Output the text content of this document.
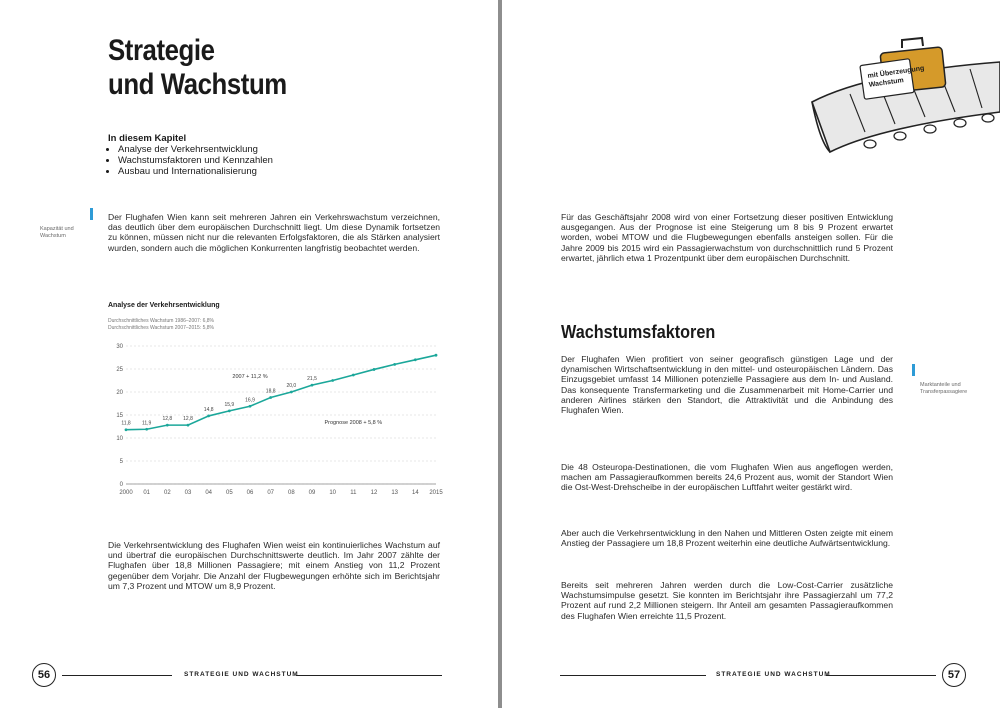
Strategie
und Wachstum
In diesem Kapitel
• Analyse der Verkehrsentwicklung
• Wachstumsfaktoren und Kennzahlen
• Ausbau und Internationalisierung
Kapazität und Wachstum
Der Flughafen Wien kann seit mehreren Jahren ein Verkehrswachstum verzeichnen, das deutlich über dem europäischen Durchschnitt liegt. Um diese Dynamik fortsetzen zu können, müssen nicht nur die relevanten Erfolgsfaktoren, die als Stärken analysiert wurden, sondern auch die möglichen Konkurrenten langfristig beobachtet werden.
Analyse der Verkehrsentwicklung
Durchschnittliches Wachstum 1986–2007: 6,8%
Durchschnittliches Wachstum 2007–2015: 5,8%
0
5
10
15
20
25
30
2000 01 02 03 04 05 06 07 08 09 10 11 12 13 14 2015
11,8 11,9
12,8 12,8
14,8
15,9
16,9
18,8
20,0
21,5
2007 + 11,2 %
Prognose 2008 + 5,8 %
Die Verkehrsentwicklung des Flughafen Wien weist ein kontinuierliches Wachstum auf und übertraf die europäischen Durchschnittswerte deutlich. Im Jahr 2007 zählte der Flughafen über 18,8 Millionen Passagiere; mit einem Anstieg von 11,2 Prozent gegenüber dem Vorjahr. Die Anzahl der Flugbewegungen erhöhte sich im Berichtsjahr um 7,3 Prozent und MTOW um 8,9 Prozent.
56	STRATEGIE UND WACHSTUM
mit Überzeugung
Wachstum
Für das Geschäftsjahr 2008 wird von einer Fortsetzung dieser positiven Entwicklung ausgegangen. Aus der Prognose ist eine Steigerung um 8 bis 9 Prozent erwartet worden, wobei MTOW und die Flugbewegungen ebenfalls ansteigen sollen. Für die Jahre 2009 bis 2015 wird ein Passagierwachstum von durchschnittlich rund 5 Prozent erwartet, jährlich etwa 1 Prozentpunkt über dem europäischen Durchschnitt.
Wachstumsfaktoren
Der Flughafen Wien profitiert von seiner geografisch günstigen Lage und der dynamischen Wirtschaftsentwicklung in den mittel- und osteuropäischen Ländern. Das Einzugsgebiet umfasst 14 Millionen potenzielle Passagiere aus dem In- und Ausland. Das konsequente Transfermarketing und die Zusammenarbeit mit Home-Carrier und anderen Airlines stärken den Standort, die Attraktivität und die Anbindung des Flughafen Wien.
Die 48 Osteuropa-Destinationen, die vom Flughafen Wien aus angeflogen werden, machen am Passagieraufkommen bereits 24,6 Prozent aus, womit der Standort Wien die Ost-West-Drehscheibe in der europäischen Luftfahrt weiter gestärkt wird.
Aber auch die Verkehrsentwicklung in den Nahen und Mittleren Osten zeigte mit einem Anstieg der Passagiere um 18,8 Prozent weiterhin eine deutliche Aufwärtsentwicklung.
Bereits seit mehreren Jahren werden durch die Low-Cost-Carrier zusätzliche Wachstumsimpulse gesetzt. Sie konnten im Berichtsjahr ihre Passagierzahl um 77,2 Prozent auf rund 2,2 Millionen steigern. Ihr Anteil am gesamten Passagieraufkommen des Flughafen Wien erreichte 11,5 Prozent.
Marktanteile und Transferpassagiere
STRATEGIE UND WACHSTUM	57
